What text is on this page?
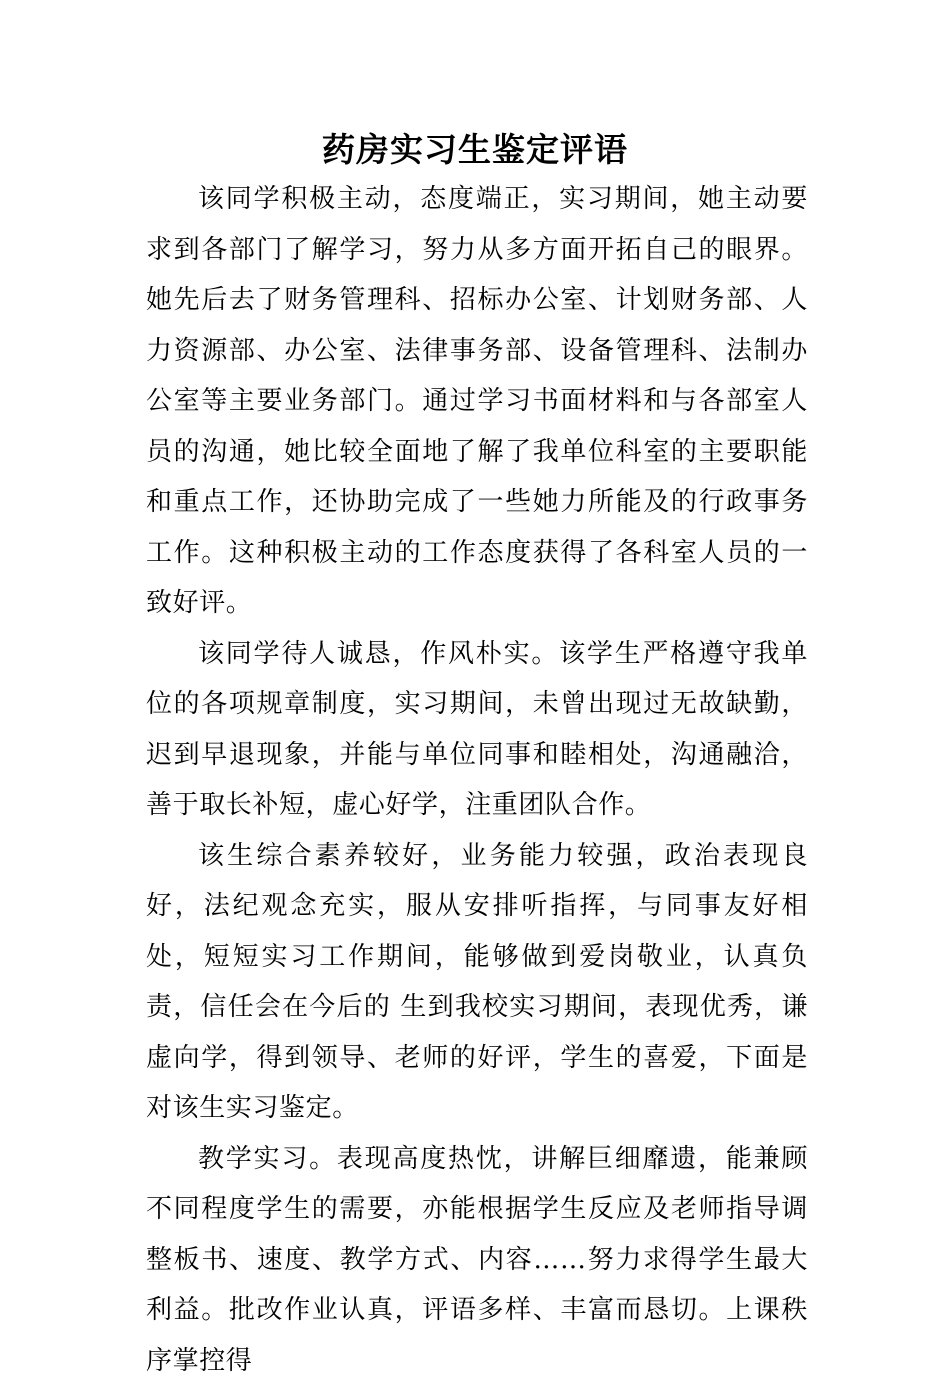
药房实习生鉴定评语

该同学积极主动，态度端正，实习期间，她主动要求到各部门了解学习，努力从多方面开拓自己的眼界。她先后去了财务管理科、招标办公室、计划财务部、人力资源部、办公室、法律事务部、设备管理科、法制办公室等主要业务部门。通过学习书面材料和与各部室人员的沟通，她比较全面地了解了我单位科室的主要职能和重点工作，还协助完成了一些她力所能及的行政事务工作。这种积极主动的工作态度获得了各科室人员的一致好评。

该同学待人诚恳，作风朴实。该学生严格遵守我单位的各项规章制度，实习期间，未曾出现过无故缺勤，迟到早退现象，并能与单位同事和睦相处，沟通融洽，善于取长补短，虚心好学，注重团队合作。

该生综合素养较好，业务能力较强，政治表现良好，法纪观念充实，服从安排听指挥，与同事友好相处，短短实习工作期间，能够做到爱岗敬业，认真负责，信任会在今后的 生到我校实习期间，表现优秀，谦虚向学，得到领导、老师的好评，学生的喜爱，下面是对该生实习鉴定。

教学实习。表现高度热忱，讲解巨细靡遗，能兼顾不同程度学生的需要，亦能根据学生反应及老师指导调整板书、速度、教学方式、内容……努力求得学生最大利益。批改作业认真，评语多样、丰富而恳切。上课秩序掌控得
